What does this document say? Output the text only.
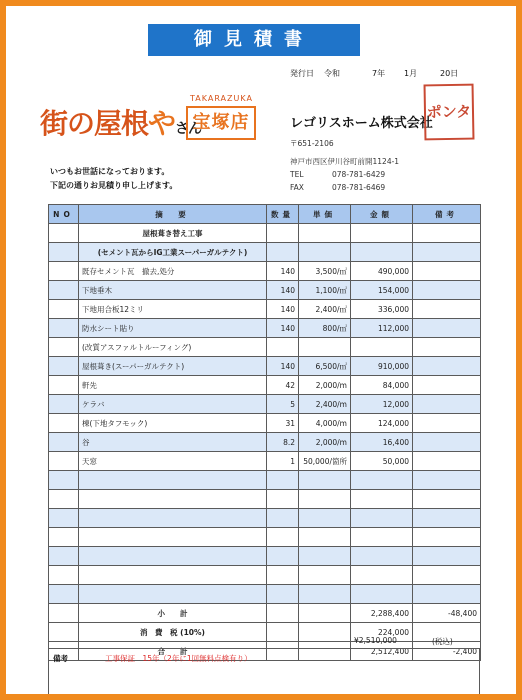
御見積書
発行日 令和	7年 1月	20日
街の屋根やさん
TAKARAZUKA
宝塚店	レゴリスホーム株式会社
ポンタ
〒651-2106
神戸市西区伊川谷町前開1124-1
TEL	078-781-6429
FAX	078-781-6469
いつもお世話になっております。
下記の通りお見積り申し上げます。
NO	摘　要	数量	単価	金額	備考
	屋根葺き替え工事				
	(セメント瓦からIG工業スーパーガルテクト)				
	既存セメント瓦　撤去,処分	140	3,500/㎡	490,000	
	下地垂木	140	1,100/㎡	154,000	
	下地用合板12ミリ	140	2,400/㎡	336,000	
	防水シート貼り	140	800/㎡	112,000	
	(改質アスファルトルーフィング)				
	屋根葺き(スーパーガルテクト)	140	6,500/㎡	910,000	
	軒先	42	2,000/m	84,000	
	ケラバ	5	2,400/m	12,000	
	棟(下地タフモック)	31	4,000/m	124,000	
	谷	8.2	2,000/m	16,400	
	天窓	1	50,000/箇所	50,000	

	小　　計			2,288,400	-48,400
	消　費　税 (10%)			224,000	
	合　　計			2,512,400	-2,400
¥2,510,000	(税込)
備考	工事保証　15年（2年に1回無料点検有り）
